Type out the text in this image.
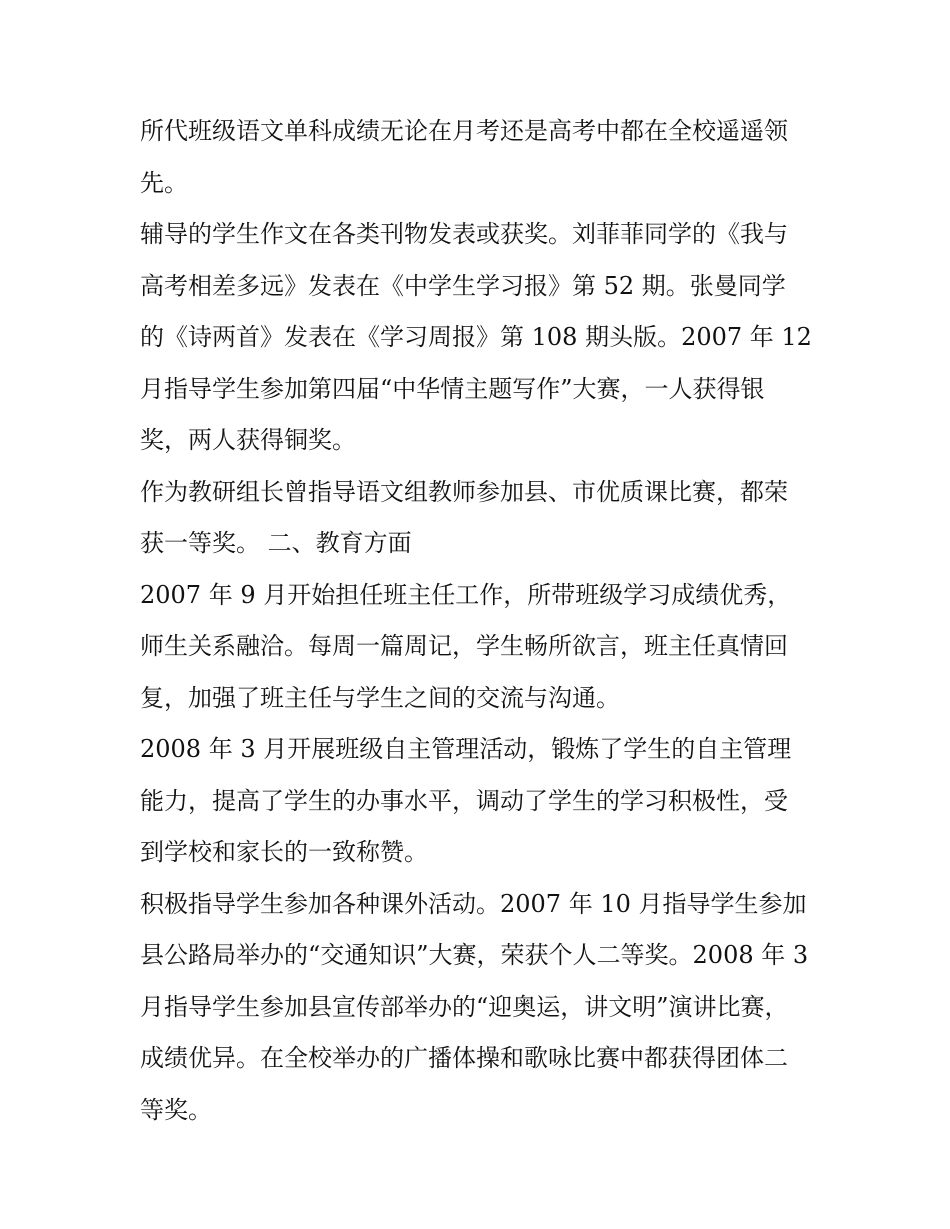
所代班级语文单科成绩无论在月考还是高考中都在全校遥遥领
先。
辅导的学生作文在各类刊物发表或获奖。刘菲菲同学的《我与
高考相差多远》发表在《中学生学习报》第 52 期。张曼同学
的《诗两首》发表在《学习周报》第 108 期头版。2007 年 12
月指导学生参加第四届“中华情主题写作”大赛，一人获得银
奖，两人获得铜奖。
作为教研组长曾指导语文组教师参加县、市优质课比赛，都荣
获一等奖。 二、教育方面
2007 年 9 月开始担任班主任工作，所带班级学习成绩优秀，
师生关系融洽。每周一篇周记，学生畅所欲言，班主任真情回
复，加强了班主任与学生之间的交流与沟通。
2008 年 3 月开展班级自主管理活动，锻炼了学生的自主管理
能力，提高了学生的办事水平，调动了学生的学习积极性，受
到学校和家长的一致称赞。
积极指导学生参加各种课外活动。2007 年 10 月指导学生参加
县公路局举办的“交通知识”大赛，荣获个人二等奖。2008 年 3
月指导学生参加县宣传部举办的“迎奥运，讲文明”演讲比赛，
成绩优异。在全校举办的广播体操和歌咏比赛中都获得团体二
等奖。
